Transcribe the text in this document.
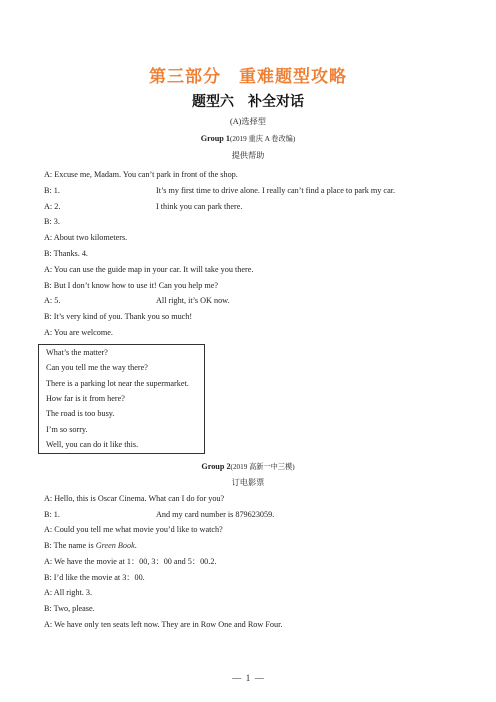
第三部分　重难题型攻略
题型六　补全对话
(A)选择型
Group 1(2019 重庆 A 卷改编)
提供帮助
A: Excuse me, Madam. You can’t park in front of the shop.
B: 1.	It’s my first time to drive alone. I really can’t find a place to park my car.
A: 2.	I think you can park there.
B: 3.
A: About two kilometers.
B: Thanks. 4.
A: You can use the guide map in your car. It will take you there.
B: But I don’t know how to use it! Can you help me?
A: 5.	All right, it’s OK now.
B: It’s very kind of you. Thank you so much!
A: You are welcome.
What’s the matter?
Can you tell me the way there?
There is a parking lot near the supermarket.
How far is it from here?
The road is too busy.
I’m so sorry.
Well, you can do it like this.
Group 2(2019 高新一中三模)
订电影票
A: Hello, this is Oscar Cinema. What can I do for you?
B: 1.	And my card number is 879623059.
A: Could you tell me what movie you’d like to watch?
B: The name is Green Book.
A: We have the movie at 1：00, 3：00 and 5：00.2.
B: I’d like the movie at 3：00.
A: All right. 3.
B: Two, please.
A: We have only ten seats left now. They are in Row One and Row Four.
—  1  —
